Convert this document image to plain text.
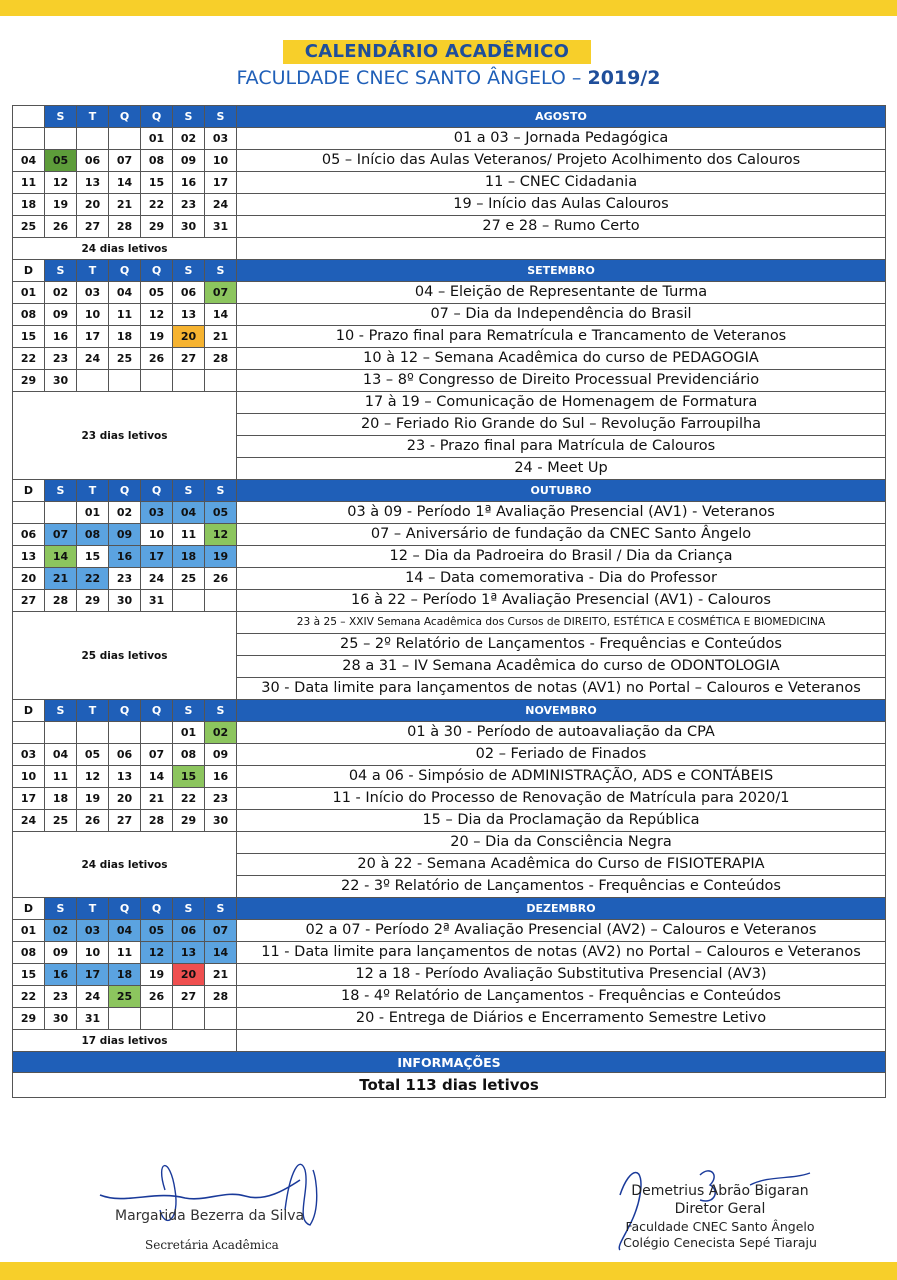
CALENDÁRIO ACADÊMICO
FACULDADE CNEC SANTO ÂNGELO – 2019/2
	S	T	Q	Q	S	S	AGOSTO
				01	02	03	01 a 03 – Jornada Pedagógica
04	05	06	07	08	09	10	05 – Início das Aulas Veteranos/ Projeto Acolhimento dos Calouros
11	12	13	14	15	16	17	11 – CNEC Cidadania
18	19	20	21	22	23	24	19 – Início das Aulas Calouros
25	26	27	28	29	30	31	27 e 28 – Rumo Certo
24 dias letivos							
D	S	T	Q	Q	S	S	SETEMBRO
01	02	03	04	05	06	07	04 – Eleição de Representante de Turma
08	09	10	11	12	13	14	07 – Dia da Independência do Brasil
15	16	17	18	19	20	21	10 - Prazo final para Rematrícula e Trancamento de Veteranos
22	23	24	25	26	27	28	10 à 12 – Semana Acadêmica do curso de PEDAGOGIA
29	30						13 – 8º Congresso de Direito Processual Previdenciário
23 dias letivos							17 à 19 – Comunicação de Homenagem de Formatura
							20 – Feriado Rio Grande do Sul – Revolução Farroupilha
							23 - Prazo final para Matrícula de Calouros
							24 - Meet Up
D	S	T	Q	Q	S	S	OUTUBRO
		01	02	03	04	05	03 à 09 - Período 1ª Avaliação Presencial (AV1) - Veteranos
06	07	08	09	10	11	12	07 – Aniversário de fundação da CNEC Santo Ângelo
13	14	15	16	17	18	19	12 – Dia da Padroeira do Brasil / Dia da Criança
20	21	22	23	24	25	26	14 – Data comemorativa - Dia do Professor
27	28	29	30	31			16 à 22 – Período 1ª Avaliação Presencial (AV1) - Calouros
25 dias letivos							23 à 25 – XXIV Semana Acadêmica dos Cursos de DIREITO, ESTÉTICA E COSMÉTICA E BIOMEDICINA
							25 – 2º Relatório de Lançamentos - Frequências e Conteúdos
							28 a 31 – IV Semana Acadêmica do curso de ODONTOLOGIA
							30 - Data limite para lançamentos de notas (AV1) no Portal – Calouros e Veteranos
D	S	T	Q	Q	S	S	NOVEMBRO
					01	02	01 à 30 - Período de autoavaliação da CPA
03	04	05	06	07	08	09	02 – Feriado de Finados
10	11	12	13	14	15	16	04 a 06 - Simpósio de ADMINISTRAÇÃO, ADS e CONTÁBEIS
17	18	19	20	21	22	23	11 - Início do Processo de Renovação de Matrícula para 2020/1
24	25	26	27	28	29	30	15 – Dia da Proclamação da República
24 dias letivos							20 – Dia da Consciência Negra
							20 à 22 - Semana Acadêmica do Curso de FISIOTERAPIA
							22 - 3º Relatório de Lançamentos - Frequências e Conteúdos
D	S	T	Q	Q	S	S	DEZEMBRO
01	02	03	04	05	06	07	02 a 07 - Período 2ª Avaliação Presencial (AV2) – Calouros e Veteranos
08	09	10	11	12	13	14	11 - Data limite para lançamentos de notas (AV2) no Portal – Calouros e Veteranos
15	16	17	18	19	20	21	12 a 18 - Período Avaliação Substitutiva Presencial (AV3)
22	23	24	25	26	27	28	18 - 4º Relatório de Lançamentos - Frequências e Conteúdos
29	30	31					20 - Entrega de Diários e Encerramento Semestre Letivo
17 dias letivos							
INFORMAÇÕES							
Total 113 dias letivos							
Margarida Bezerra da Silva
Secretária Acadêmica
Demetrius Abrão Bigaran
Diretor Geral
Faculdade CNEC Santo Ângelo
Colégio Cenecista Sepé Tiaraju
